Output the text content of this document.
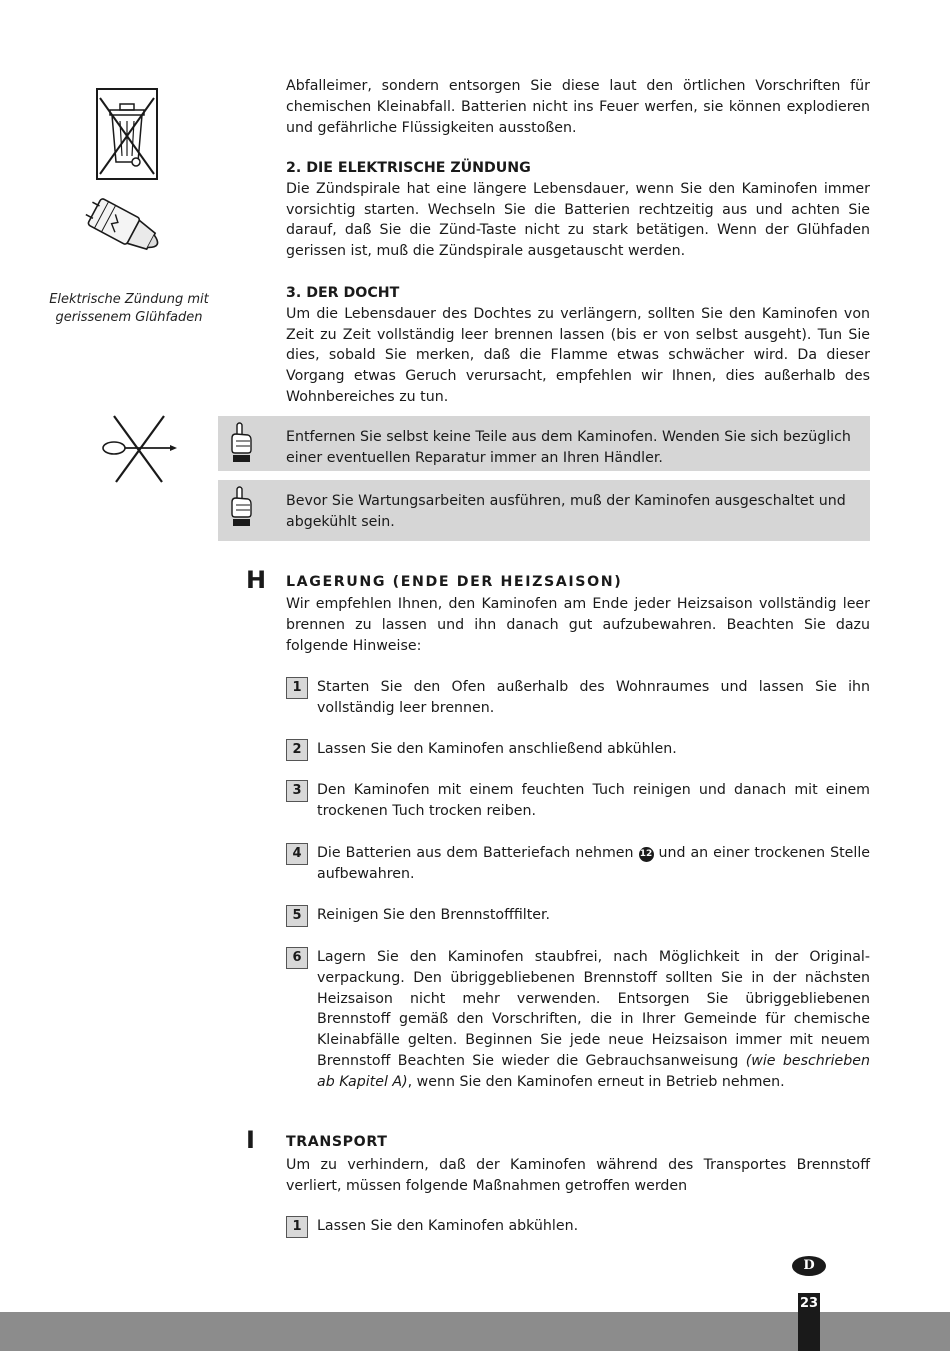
Elektrische Zündung mit gerissenem Glühfaden

Abfalleimer, sondern entsorgen Sie diese laut den örtlichen Vorschriften für chemischen Kleinabfall. Batterien nicht ins Feuer werfen, sie können explodieren und gefährliche Flüssigkeiten ausstoßen.

2. DIE ELEKTRISCHE ZÜNDUNG

Die Zündspirale hat eine längere Lebensdauer, wenn Sie den Kaminofen immer vorsichtig starten. Wechseln Sie die Batterien rechtzeitig aus und achten Sie darauf, daß Sie die Zünd-Taste nicht zu stark betätigen. Wenn der Glühfaden gerissen ist, muß die Zündspirale ausgetauscht werden.

3. DER DOCHT

Um die Lebensdauer des Dochtes zu verlängern, sollten Sie den Kaminofen von Zeit zu Zeit vollständig leer brennen lassen (bis er von selbst ausgeht). Tun Sie dies, sobald Sie merken, daß die Flamme etwas schwächer wird. Da dieser Vorgang etwas Geruch verursacht, empfehlen wir Ihnen, dies außerhalb des Wohnbereiches zu tun.

Entfernen Sie selbst keine Teile aus dem Kaminofen. Wenden Sie sich bezüglich einer eventuellen Reparatur immer an Ihren Händler.
Bevor Sie Wartungsarbeiten ausführen, muß der Kaminofen ausgeschaltet und abgekühlt sein.
H LAGERUNG (ENDE DER HEIZSAISON)

Wir empfehlen Ihnen, den Kaminofen am Ende jeder Heizsaison vollständig leer brennen zu lassen und ihn danach gut aufzubewahren. Beachten Sie dazu folgende Hinweise:

1	Starten Sie den Ofen außerhalb des Wohnraumes und lassen Sie ihn vollständig leer brennen.
2	Lassen Sie den Kaminofen anschließend abkühlen.
3	Den Kaminofen mit einem feuchten Tuch reinigen und danach mit einem trockenen Tuch trocken reiben.
4	Die Batterien aus dem Batteriefach nehmen 12 und an einer trockenen Stelle aufbewahren.
5	Reinigen Sie den Brennstofffilter.
6	Lagern Sie den Kaminofen staubfrei, nach Möglichkeit in der Original-verpackung. Den übriggebliebenen Brennstoff sollten Sie in der nächsten Heizsaison nicht mehr verwenden. Entsorgen Sie übriggebliebenen Brennstoff gemäß den Vorschriften, die in Ihrer Gemeinde für chemische Kleinabfälle gelten. Beginnen Sie jede neue Heizsaison immer mit neuem Brennstoff Beachten Sie wieder die Gebrauchsanweisung (wie beschrieben ab Kapitel A), wenn Sie den Kaminofen erneut in Betrieb nehmen.
I TRANSPORT

Um zu verhindern, daß der Kaminofen während des Transportes Brennstoff verliert, müssen folgende Maßnahmen getroffen werden

1	Lassen Sie den Kaminofen abkühlen.
D
23
